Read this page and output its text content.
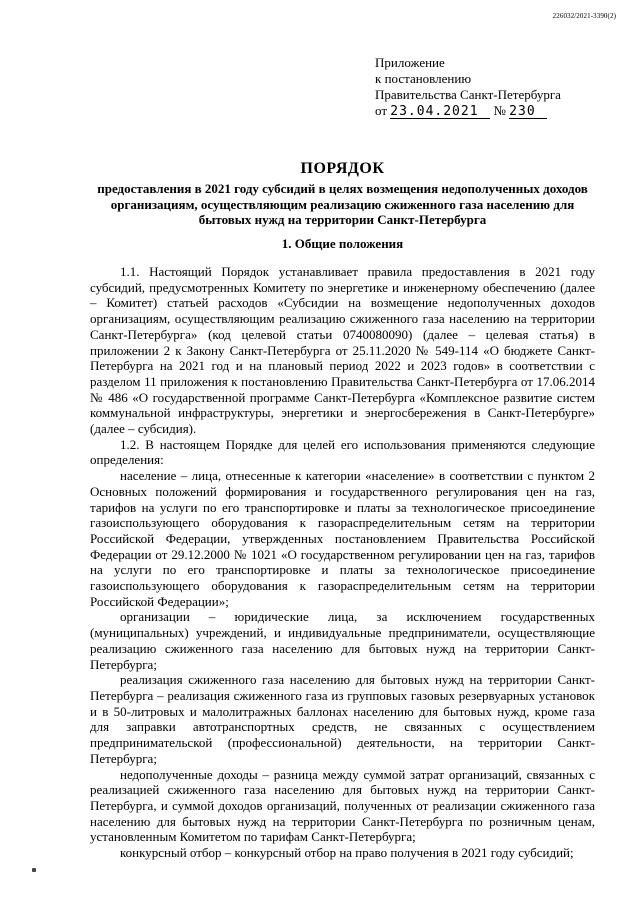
226032/2021-3390(2)
Приложение
к постановлению
Правительства Санкт-Петербурга
от 23.04.2021 № 230
ПОРЯДОК
предоставления в 2021 году субсидий в целях возмещения недополученных доходов организациям, осуществляющим реализацию сжиженного газа населению для бытовых нужд на территории Санкт-Петербурга
1. Общие положения

1.1. Настоящий Порядок устанавливает правила предоставления в 2021 году субсидий, предусмотренных Комитету по энергетике и инженерному обеспечению (далее – Комитет) статьей расходов «Субсидии на возмещение недополученных доходов организациям, осуществляющим реализацию сжиженного газа населению на территории Санкт-Петербурга» (код целевой статьи 0740080090) (далее – целевая статья) в приложении 2 к Закону Санкт-Петербурга от 25.11.2020 № 549-114 «О бюджете Санкт-Петербурга на 2021 год и на плановый период 2022 и 2023 годов» в соответствии с разделом 11 приложения к постановлению Правительства Санкт-Петербурга от 17.06.2014 № 486 «О государственной программе Санкт-Петербурга «Комплексное развитие систем коммунальной инфраструктуры, энергетики и энергосбережения в Санкт-Петербурге» (далее – субсидия).

1.2. В настоящем Порядке для целей его использования применяются следующие определения:

население – лица, отнесенные к категории «население» в соответствии с пунктом 2 Основных положений формирования и государственного регулирования цен на газ, тарифов на услуги по его транспортировке и платы за технологическое присоединение газоиспользующего оборудования к газораспределительным сетям на территории Российской Федерации, утвержденных постановлением Правительства Российской Федерации от 29.12.2000 № 1021 «О государственном регулировании цен на газ, тарифов на услуги по его транспортировке и платы за технологическое присоединение газоиспользующего оборудования к газораспределительным сетям на территории Российской Федерации»;

организации – юридические лица, за исключением государственных (муниципальных) учреждений, и индивидуальные предприниматели, осуществляющие реализацию сжиженного газа населению для бытовых нужд на территории Санкт-Петербурга;

реализация сжиженного газа населению для бытовых нужд на территории Санкт-Петербурга – реализация сжиженного газа из групповых газовых резервуарных установок и в 50-литровых и малолитражных баллонах населению для бытовых нужд, кроме газа для заправки автотранспортных средств, не связанных с осуществлением предпринимательской (профессиональной) деятельности, на территории Санкт-Петербурга;

недополученные доходы – разница между суммой затрат организаций, связанных с реализацией сжиженного газа населению для бытовых нужд на территории Санкт-Петербурга, и суммой доходов организаций, полученных от реализации сжиженного газа населению для бытовых нужд на территории Санкт-Петербурга по розничным ценам, установленным Комитетом по тарифам Санкт-Петербурга;

конкурсный отбор – конкурсный отбор на право получения в 2021 году субсидий;
